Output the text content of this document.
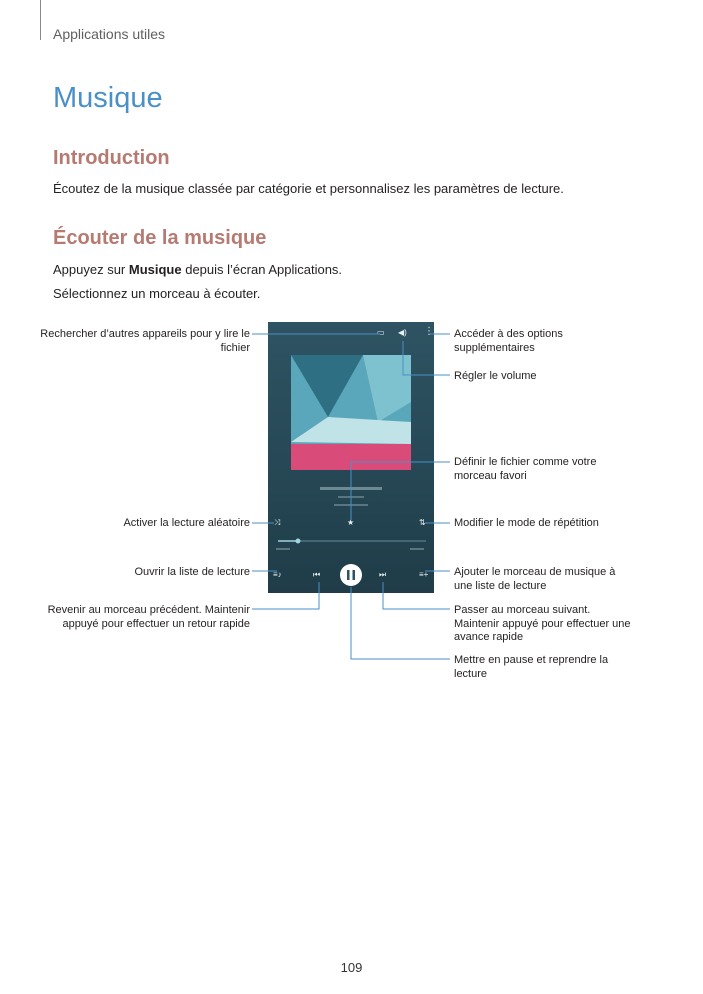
Applications utiles
Musique
Introduction
Écoutez de la musique classée par catégorie et personnalisez les paramètres de lecture.
Écouter de la musique
Appuyez sur Musique depuis l’écran Applications.
Sélectionnez un morceau à écouter.
▭ ◀) ⋮
⤨	★	⇅
≡♪	⏮	⏭	≡+
Rechercher d’autres appareils pour y lire le fichier
Activer la lecture aléatoire
Ouvrir la liste de lecture
Revenir au morceau précédent. Maintenir appuyé pour effectuer un retour rapide
Accéder à des options supplémentaires
Régler le volume
Définir le fichier comme votre morceau favori
Modifier le mode de répétition
Ajouter le morceau de musique à une liste de lecture
Passer au morceau suivant. Maintenir appuyé pour effectuer une avance rapide
Mettre en pause et reprendre la lecture
109
